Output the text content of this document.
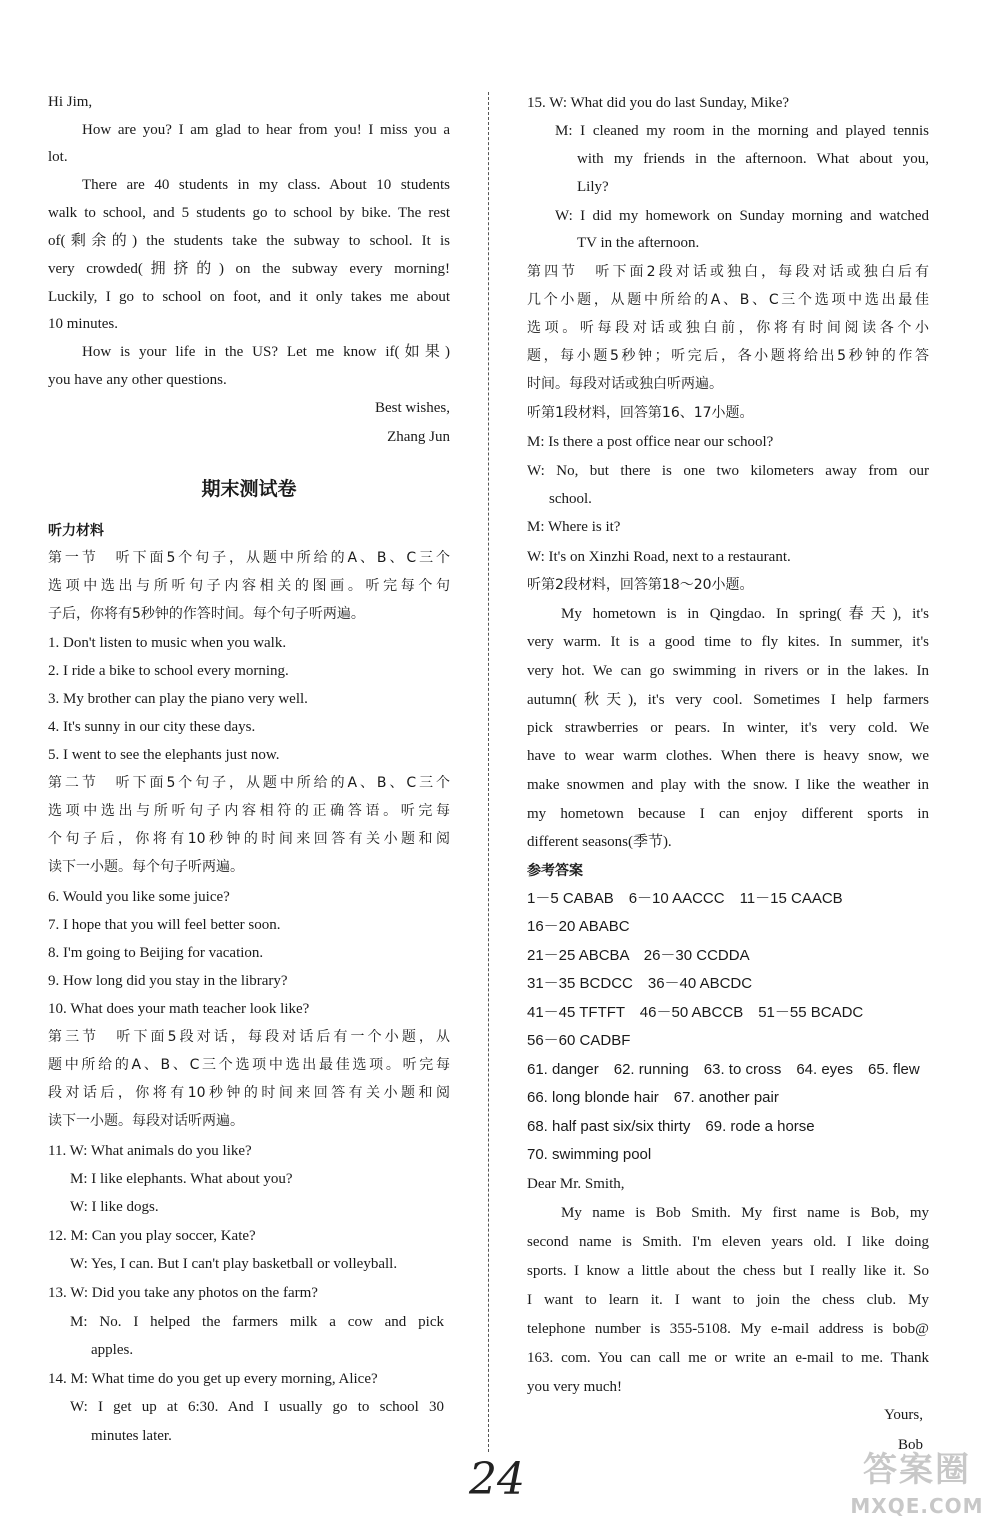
Hi Jim,
How are you? I am glad to hear from you! I miss you a
lot.
There are 40 students in my class. About 10 students
walk to school, and 5 students go to school by bike. The rest
of(剩余的) the students take the subway to school. It is
very crowded(拥挤的) on the subway every morning!
Luckily, I go to school on foot, and it only takes me about
10 minutes.
How is your life in the US? Let me know if(如果)
you have any other questions.
Best wishes,
Zhang Jun
期末测试卷
听力材料
第一节　听下面5个句子，从题中所给的A、B、C三个
选项中选出与所听句子内容相关的图画。听完每个句
子后，你将有5秒钟的作答时间。每个句子听两遍。
1. Don't listen to music when you walk.
2. I ride a bike to school every morning.
3. My brother can play the piano very well.
4. It's sunny in our city these days.
5. I went to see the elephants just now.
第二节　听下面5个句子，从题中所给的A、B、C三个
选项中选出与所听句子内容相符的正确答语。听完每
个句子后，你将有10秒钟的时间来回答有关小题和阅
读下一小题。每个句子听两遍。
6. Would you like some juice?
7. I hope that you will feel better soon.
8. I'm going to Beijing for vacation.
9. How long did you stay in the library?
10. What does your math teacher look like?
第三节　听下面5段对话，每段对话后有一个小题，从
题中所给的A、B、C三个选项中选出最佳选项。听完每
段对话后，你将有10秒钟的时间来回答有关小题和阅
读下一小题。每段对话听两遍。
11. W: What animals do you like?
M: I like elephants. What about you?
W: I like dogs.
12. M: Can you play soccer, Kate?
W: Yes, I can. But I can't play basketball or volleyball.
13. W: Did you take any photos on the farm?
M: No. I helped the farmers milk a cow and pick
apples.
14. M: What time do you get up every morning, Alice?
W: I get up at 6:30. And I usually go to school 30
minutes later.
15. W: What did you do last Sunday, Mike?
M: I cleaned my room in the morning and played tennis
with my friends in the afternoon. What about you,
Lily?
W: I did my homework on Sunday morning and watched
TV in the afternoon.
第四节　听下面2段对话或独白，每段对话或独白后有
几个小题，从题中所给的A、B、C三个选项中选出最佳
选项。听每段对话或独白前，你将有时间阅读各个小
题，每小题5秒钟；听完后，各小题将给出5秒钟的作答
时间。每段对话或独白听两遍。
听第1段材料，回答第16、17小题。
M: Is there a post office near our school?
W: No, but there is one two kilometers away from our
school.
M: Where is it?
W: It's on Xinzhi Road, next to a restaurant.
听第2段材料，回答第18～20小题。
My hometown is in Qingdao. In spring(春天), it's
very warm. It is a good time to fly kites. In summer, it's
very hot. We can go swimming in rivers or in the lakes. In
autumn(秋天), it's very cool. Sometimes I help farmers
pick strawberries or pears. In winter, it's very cold. We
have to wear warm clothes. When there is heavy snow, we
make snowmen and play with the snow. I like the weather in
my hometown because I can enjoy different sports in
different seasons(季节).
参考答案
1－5 CABAB　6－10 AACCC　11－15 CAACB
16－20 ABABC
21－25 ABCBA　26－30 CCDDA
31－35 BCDCC　36－40 ABCDC
41－45 TFTFT　46－50 ABCCB　51－55 BCADC
56－60 CADBF
61. danger　62. running　63. to cross　64. eyes　65. flew
66. long blonde hair　67. another pair
68. half past six/six thirty　69. rode a horse
70. swimming pool
Dear Mr. Smith,
My name is Bob Smith. My first name is Bob, my
second name is Smith. I'm eleven years old. I like doing
sports. I know a little about the chess but I really like it. So
I want to learn it. I want to join the chess club. My
telephone number is 355-5108. My e-mail address is bob@
163. com. You can call me or write an e-mail to me. Thank
you very much!
Yours,
Bob
24	答案圈
MXQE.COM
